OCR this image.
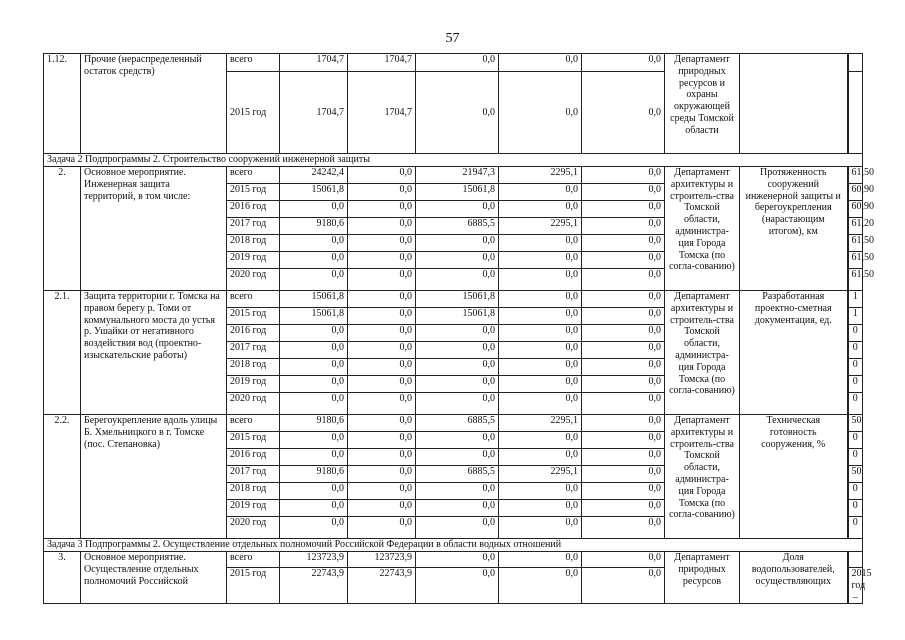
57
1.12.	Прочие (нераспределенный остаток средств)	всего	1704,7	1704,7	0,0	0,0	0,0	Департамент природных ресурсов и охраны окружающей среды Томской области		
		2015 год	1704,7	1704,7	0,0	0,0	0,0			
Задача 2 Подпрограммы 2. Строительство сооружений инженерной защиты										
2.	Основное мероприятие. Инженерная защита территорий, в том числе:	всего	24242,4	0,0	21947,3	2295,1	0,0	Департамент архитектуры и строитель-ства Томской области, администра-ция Города Томска (по согла-сованию)	Протяженность сооружений инженерной защиты и берегоукрепления (нарастающим итогом), км	61,50
		2015 год	15061,8	0,0	15061,8	0,0	0,0			60,90
		2016 год	0,0	0,0	0,0	0,0	0,0			60,90
		2017 год	9180,6	0,0	6885,5	2295,1	0,0			61,20
		2018 год	0,0	0,0	0,0	0,0	0,0			61,50
		2019 год	0,0	0,0	0,0	0,0	0,0			61,50
		2020 год	0,0	0,0	0,0	0,0	0,0			61,50
2.1.	Защита территории г. Томска на правом берегу р. Томи от коммунального моста до устья р. Ушайки от негативного воздействия вод (проектно-изыскательские работы)	всего	15061,8	0,0	15061,8	0,0	0,0	Департамент архитектуры и строитель-ства Томской области, администра-ция Города Томска (по согла-сованию)	Разработанная проектно-сметная документация, ед.	1
		2015 год	15061,8	0,0	15061,8	0,0	0,0			1
		2016 год	0,0	0,0	0,0	0,0	0,0			0
		2017 год	0,0	0,0	0,0	0,0	0,0			0
		2018 год	0,0	0,0	0,0	0,0	0,0			0
		2019 год	0,0	0,0	0,0	0,0	0,0			0
		2020 год	0,0	0,0	0,0	0,0	0,0			0
2.2.	Берегоукрепление вдоль улицы Б. Хмельницкого в г. Томске (пос. Степановка)	всего	9180,6	0,0	6885,5	2295,1	0,0	Департамент архитектуры и строитель-ства Томской области, администра-ция Города Томска (по согла-сованию)	Техническая готовность сооружения, %	50
		2015 год	0,0	0,0	0,0	0,0	0,0			0
		2016 год	0,0	0,0	0,0	0,0	0,0			0
		2017 год	9180,6	0,0	6885,5	2295,1	0,0			50
		2018 год	0,0	0,0	0,0	0,0	0,0			0
		2019 год	0,0	0,0	0,0	0,0	0,0			0
		2020 год	0,0	0,0	0,0	0,0	0,0			0
Задача 3 Подпрограммы 2. Осуществление отдельных полномочий Российской Федерации в области водных отношений										
3.	Основное мероприятие. Осуществление отдельных полномочий Российской	всего	123723,9	123723,9	0,0	0,0	0,0	Департамент природных ресурсов	Доля водопользователей, осуществляющих	
		2015 год	22743,9	22743,9	0,0	0,0	0,0			2015 год –
